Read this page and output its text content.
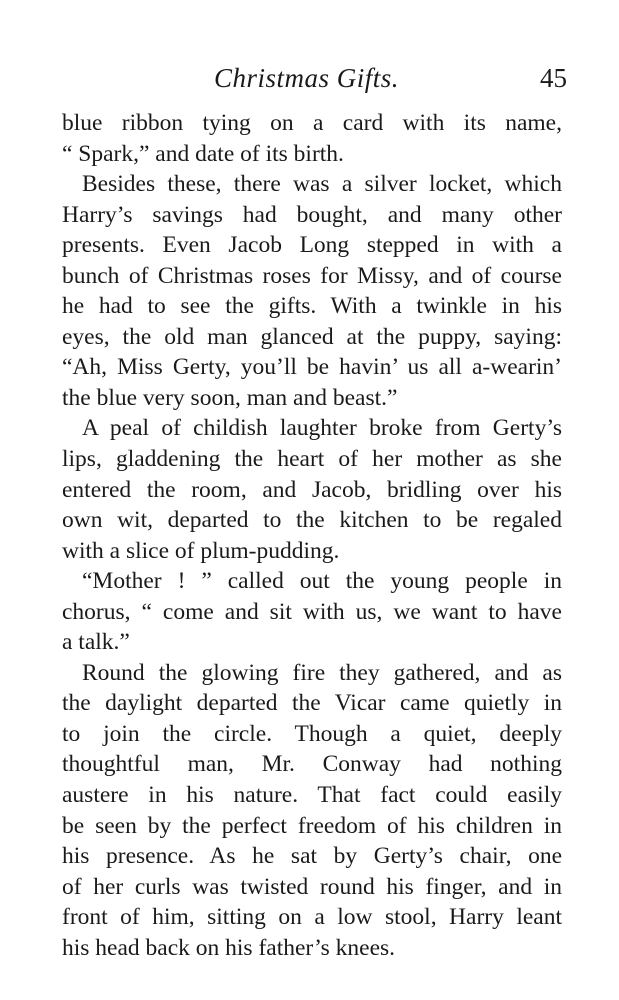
Christmas Gifts.	45
blue ribbon tying on a card with its name,
“ Spark,” and date of its birth.
Besides these, there was a silver locket, which
Harry’s savings had bought, and many other
presents. Even Jacob Long stepped in with a
bunch of Christmas roses for Missy, and of course
he had to see the gifts. With a twinkle in his
eyes, the old man glanced at the puppy, saying:
“Ah, Miss Gerty, you’ll be havin’ us all a-wearin’
the blue very soon, man and beast.”
A peal of childish laughter broke from Gerty’s
lips, gladdening the heart of her mother as she
entered the room, and Jacob, bridling over his
own wit, departed to the kitchen to be regaled
with a slice of plum-pudding.
“Mother ! ” called out the young people in
chorus, “ come and sit with us, we want to have
a talk.”
Round the glowing fire they gathered, and as
the daylight departed the Vicar came quietly in
to join the circle. Though a quiet, deeply
thoughtful man, Mr. Conway had nothing
austere in his nature. That fact could easily
be seen by the perfect freedom of his children in
his presence. As he sat by Gerty’s chair, one
of her curls was twisted round his finger, and in
front of him, sitting on a low stool, Harry leant
his head back on his father’s knees.
